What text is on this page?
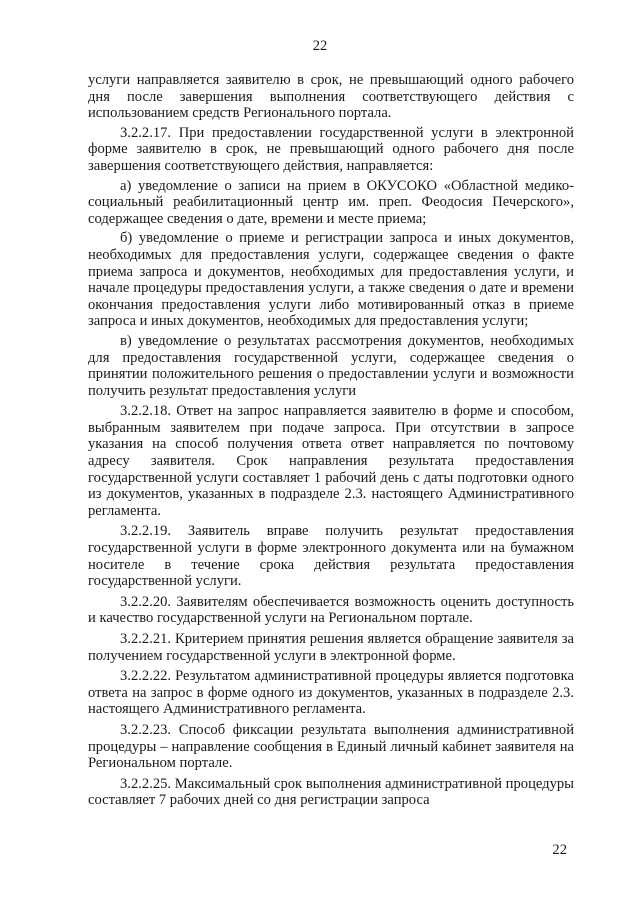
22

услуги направляется заявителю в срок, не превышающий одного рабочего дня после завершения выполнения соответствующего действия с использованием средств Регионального портала.

3.2.2.17. При предоставлении государственной услуги в электронной форме заявителю в срок, не превышающий одного рабочего дня после завершения соответствующего действия, направляется:

а) уведомление о записи на прием в ОКУСОКО «Областной медико-социальный реабилитационный центр им. преп. Феодосия Печерского», содержащее сведения о дате, времени и месте приема;

б) уведомление о приеме и регистрации запроса и иных документов, необходимых для предоставления услуги, содержащее сведения о факте приема запроса и документов, необходимых для предоставления услуги, и начале процедуры предоставления услуги, а также сведения о дате и времени окончания предоставления услуги либо мотивированный отказ в приеме запроса и иных документов, необходимых для предоставления услуги;

в) уведомление о результатах рассмотрения документов, необходимых для предоставления государственной услуги, содержащее сведения о принятии положительного решения о предоставлении услуги и возможности получить результат предоставления услуги

3.2.2.18. Ответ на запрос направляется заявителю в форме и способом, выбранным заявителем при подаче запроса. При отсутствии в запросе указания на способ получения ответа ответ направляется по почтовому адресу заявителя. Срок направления результата предоставления государственной услуги составляет 1 рабочий день с даты подготовки одного из документов, указанных в подразделе 2.3. настоящего Административного регламента.

3.2.2.19. Заявитель вправе получить результат предоставления государственной услуги в форме электронного документа или на бумажном носителе в течение срока действия результата предоставления государственной услуги.

3.2.2.20. Заявителям обеспечивается возможность оценить доступность и качество государственной услуги на Региональном портале.

3.2.2.21. Критерием принятия решения является обращение заявителя за получением государственной услуги в электронной форме.

3.2.2.22. Результатом административной процедуры является подготовка ответа на запрос в форме одного из документов, указанных в подразделе 2.3. настоящего Административного регламента.

3.2.2.23. Способ фиксации результата выполнения административной процедуры – направление сообщения в Единый личный кабинет заявителя на Региональном портале.

3.2.2.25. Максимальный срок выполнения административной процедуры составляет 7 рабочих дней со дня регистрации запроса

22
